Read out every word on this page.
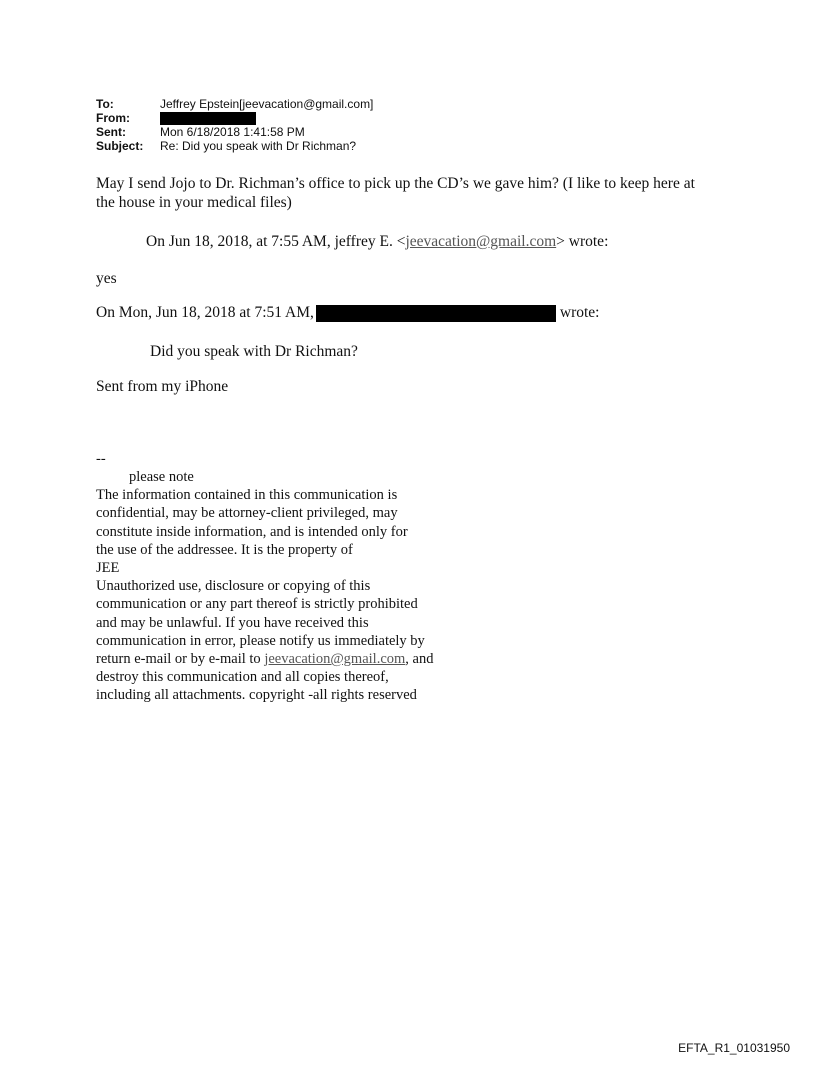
To:	Jeffrey Epstein[jeevacation@gmail.com]
From:
Sent:	Mon 6/18/2018 1:41:58 PM
Subject: Re: Did you speak with Dr Richman?
May I send Jojo to Dr. Richman’s office to pick up the CD’s we gave him? (I like to keep here at
the house in your medical files)
On Jun 18, 2018, at 7:55 AM, jeffrey E. <jeevacation@gmail.com> wrote:
yes
On Mon, Jun 18, 2018 at 7:51 AM,	wrote:
Did you speak with Dr Richman?
Sent from my iPhone
--
please note
The information contained in this communication is
confidential, may be attorney-client privileged, may
constitute inside information, and is intended only for
the use of the addressee. It is the property of
JEE
Unauthorized use, disclosure or copying of this
communication or any part thereof is strictly prohibited
and may be unlawful. If you have received this
communication in error, please notify us immediately by
return e-mail or by e-mail to jeevacation@gmail.com, and
destroy this communication and all copies thereof,
including all attachments. copyright -all rights reserved
EFTA_R1_01031950
